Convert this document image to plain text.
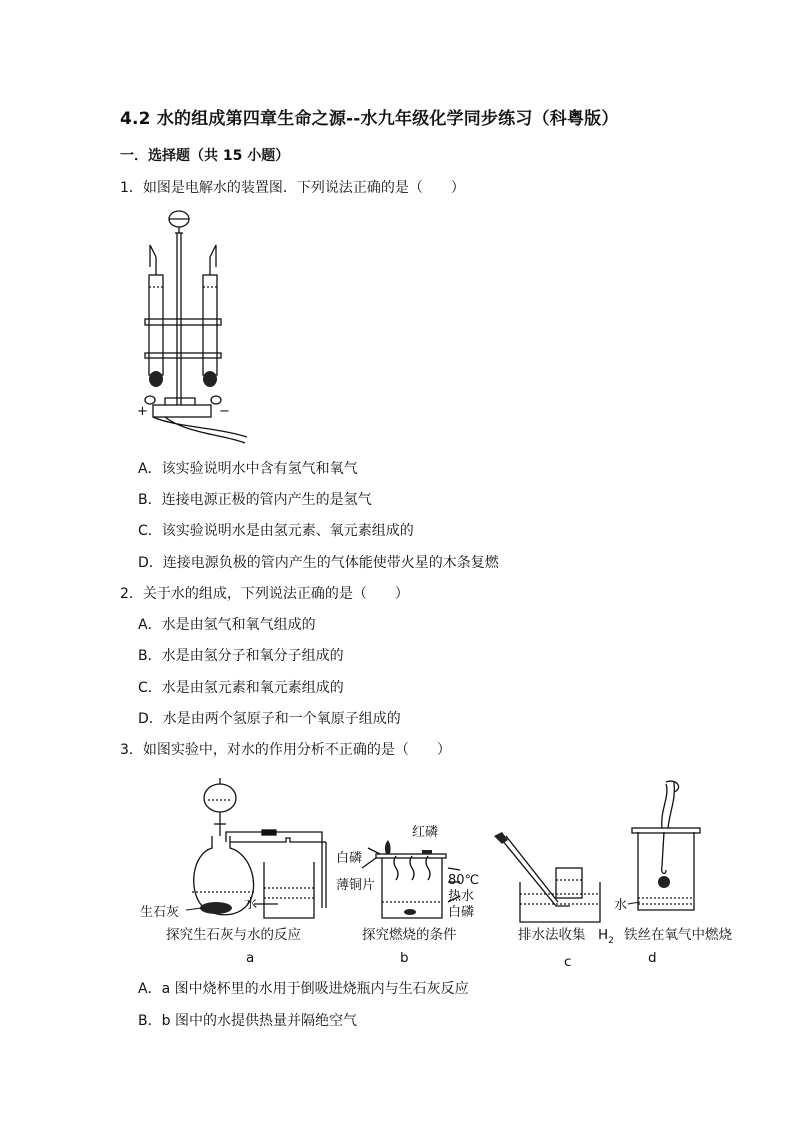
4.2 水的组成第四章生命之源--水九年级化学同步练习（科粤版）
一．选择题（共 15 小题）
1．如图是电解水的装置图．下列说法正确的是（　　）
+	−
A．该实验说明水中含有氢气和氧气
B．连接电源正极的管内产生的是氢气
C．该实验说明水是由氢元素、氧元素组成的
D．连接电源负极的管内产生的气体能使带火星的木条复燃
2．关于水的组成，下列说法正确的是（　　）
A．水是由氢气和氧气组成的
B．水是由氢分子和氧分子组成的
C．水是由氢元素和氧元素组成的
D．水是由两个氢原子和一个氧原子组成的
3．如图实验中，对水的作用分析不正确的是（　　）
生石灰
水
探究生石灰与水的反应
a
红磷
白磷
薄铜片	80℃
热水
白磷
探究燃烧的条件
b
排水法收集 $H_2$
c
水
铁丝在氧气中燃烧
d
A．a 图中烧杯里的水用于倒吸进烧瓶内与生石灰反应
B．b 图中的水提供热量并隔绝空气
